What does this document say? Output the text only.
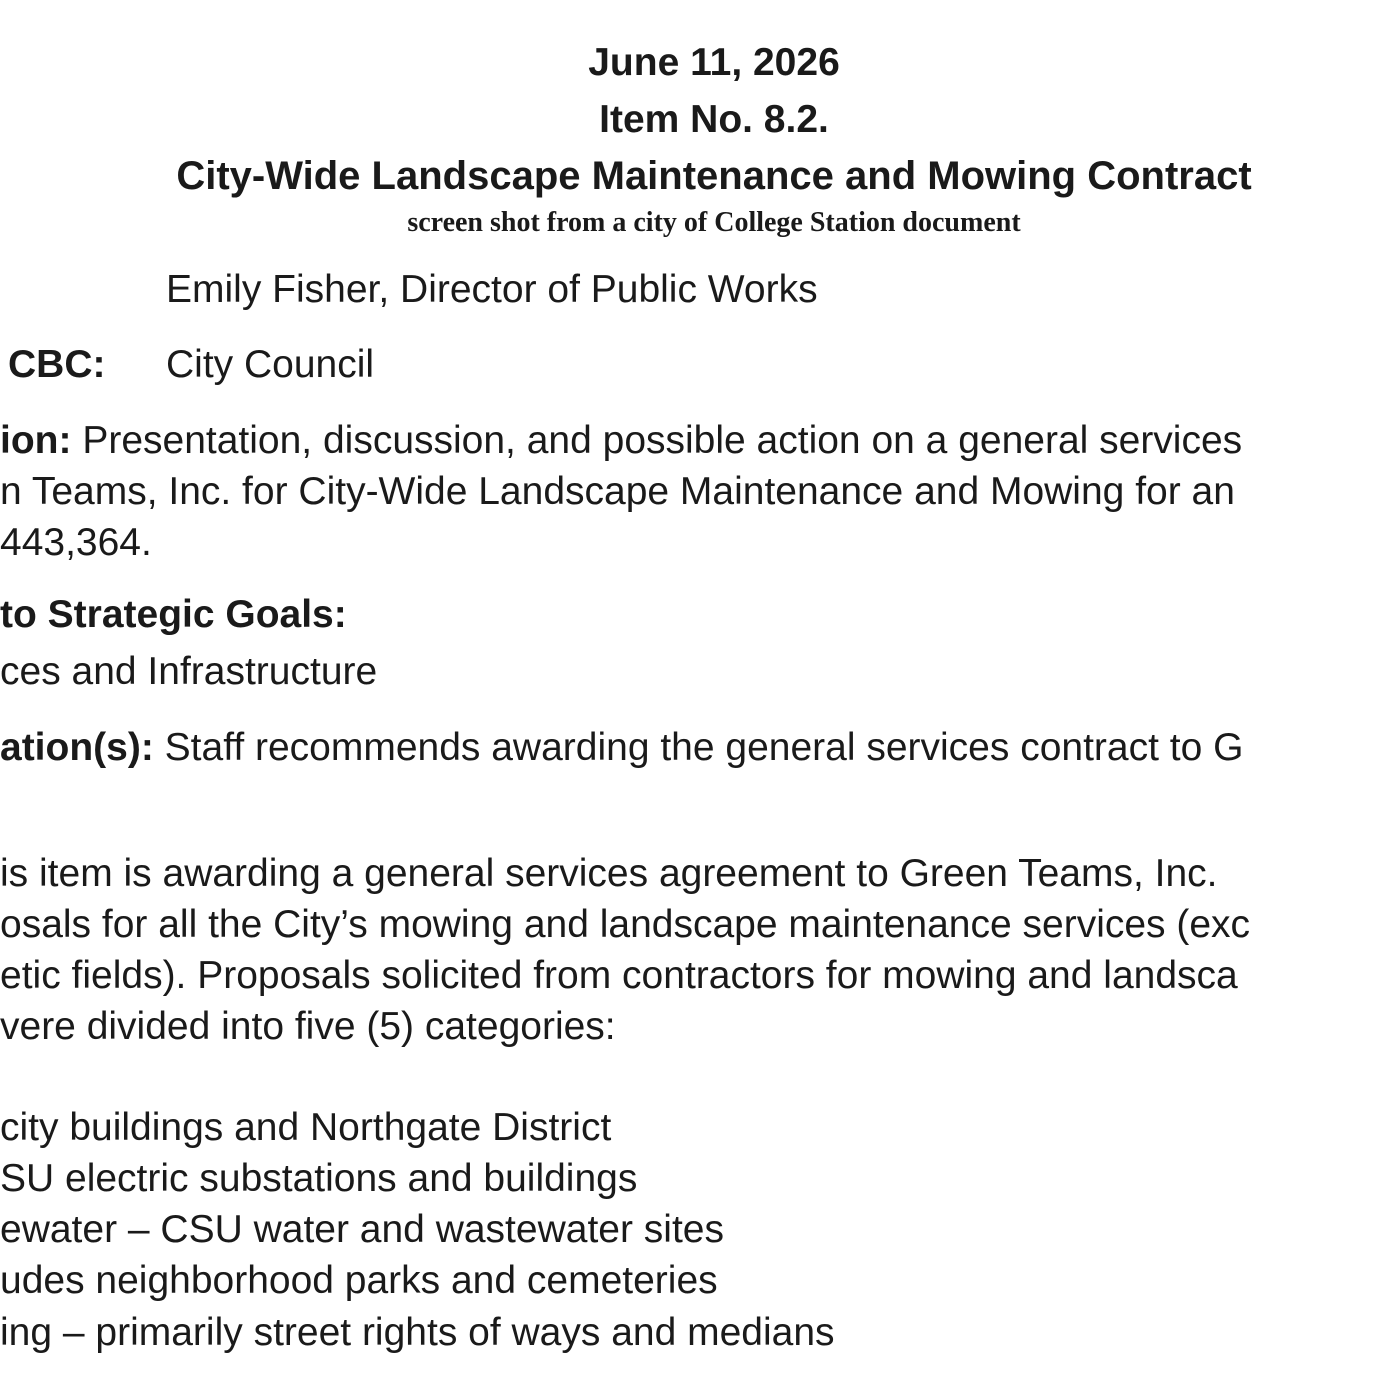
June 11, 2026
Item No. 8.2.
City-Wide Landscape Maintenance and Mowing Contract
screen shot from a city of College Station document
Emily Fisher, Director of Public Works
CBC: City Council
ion: Presentation, discussion, and possible action on a general services
n Teams, Inc. for City-Wide Landscape Maintenance and Mowing for an
443,364.
to Strategic Goals:
ces and Infrastructure
ation(s): Staff recommends awarding the general services contract to G
is item is awarding a general services agreement to Green Teams, Inc.
osals for all the City’s mowing and landscape maintenance services (exc
etic fields). Proposals solicited from contractors for mowing and landsca
vere divided into five (5) categories:
city buildings and Northgate District
SU electric substations and buildings
ewater – CSU water and wastewater sites
udes neighborhood parks and cemeteries
ing – primarily street rights of ways and medians
